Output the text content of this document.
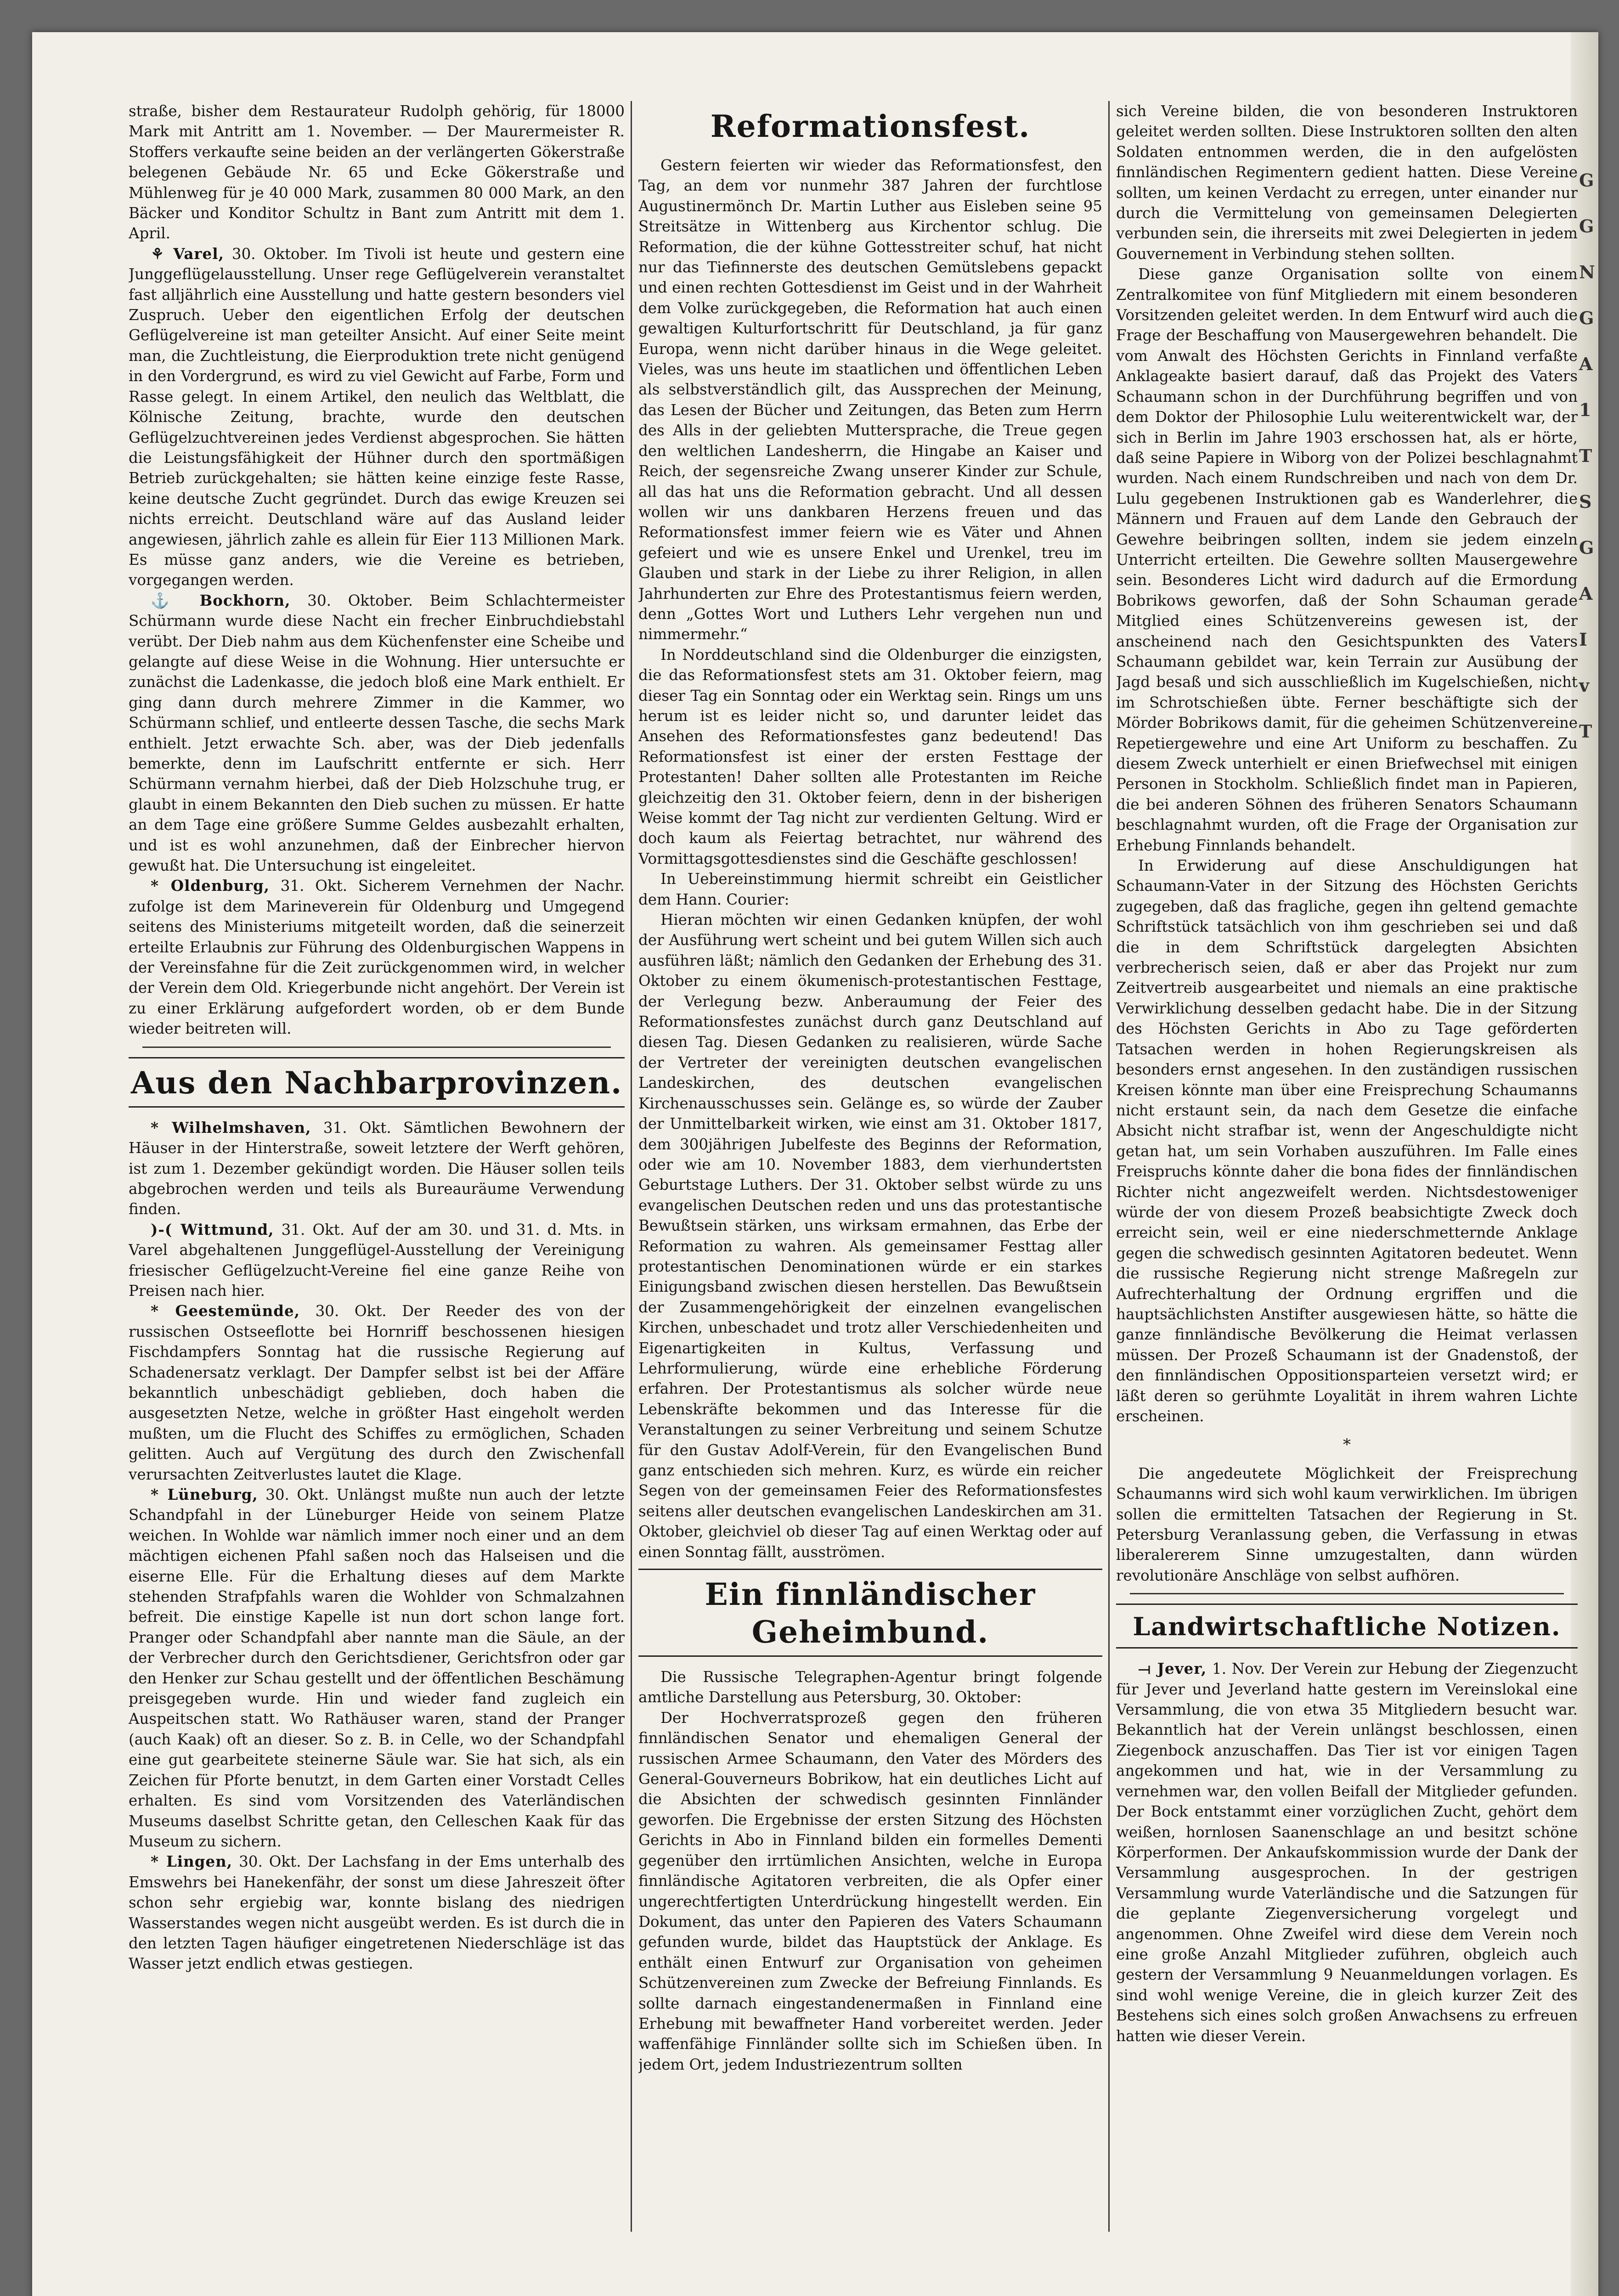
G
G
N
G
A
1
T
S
G
A
I
v
T

straße, bisher dem Restaurateur Rudolph gehörig, für 18000 Mark mit Antritt am 1. November. — Der Maurermeister R. Stoffers verkaufte seine beiden an der verlängerten Gökerstraße belegenen Gebäude Nr. 65 und Ecke Gökerstraße und Mühlenweg für je 40 000 Mark, zusammen 80 000 Mark, an den Bäcker und Konditor Schultz in Bant zum Antritt mit dem 1. April.

⚘ Varel, 30. Oktober. Im Tivoli ist heute und gestern eine Junggeflügelausstellung. Unser rege Geflügelverein veranstaltet fast alljährlich eine Ausstellung und hatte gestern besonders viel Zuspruch. Ueber den eigentlichen Erfolg der deutschen Geflügelvereine ist man geteilter Ansicht. Auf einer Seite meint man, die Zuchtleistung, die Eierproduktion trete nicht genügend in den Vordergrund, es wird zu viel Gewicht auf Farbe, Form und Rasse gelegt. In einem Artikel, den neulich das Weltblatt, die Kölnische Zeitung, brachte, wurde den deutschen Geflügelzuchtvereinen jedes Verdienst abgesprochen. Sie hätten die Leistungsfähigkeit der Hühner durch den sportmäßigen Betrieb zurückgehalten; sie hätten keine einzige feste Rasse, keine deutsche Zucht gegründet. Durch das ewige Kreuzen sei nichts erreicht. Deutschland wäre auf das Ausland leider angewiesen, jährlich zahle es allein für Eier 113 Millionen Mark. Es müsse ganz anders, wie die Vereine es betrieben, vorgegangen werden.

⚓ Bockhorn, 30. Oktober. Beim Schlachtermeister Schürmann wurde diese Nacht ein frecher Einbruchdiebstahl verübt. Der Dieb nahm aus dem Küchenfenster eine Scheibe und gelangte auf diese Weise in die Wohnung. Hier untersuchte er zunächst die Ladenkasse, die jedoch bloß eine Mark enthielt. Er ging dann durch mehrere Zimmer in die Kammer, wo Schürmann schlief, und entleerte dessen Tasche, die sechs Mark enthielt. Jetzt erwachte Sch. aber, was der Dieb jedenfalls bemerkte, denn im Laufschritt entfernte er sich. Herr Schürmann vernahm hierbei, daß der Dieb Holzschuhe trug, er glaubt in einem Bekannten den Dieb suchen zu müssen. Er hatte an dem Tage eine größere Summe Geldes ausbezahlt erhalten, und ist es wohl anzunehmen, daß der Einbrecher hiervon gewußt hat. Die Untersuchung ist eingeleitet.

* Oldenburg, 31. Okt. Sicherem Vernehmen der Nachr. zufolge ist dem Marineverein für Oldenburg und Umgegend seitens des Ministeriums mitgeteilt worden, daß die seinerzeit erteilte Erlaubnis zur Führung des Oldenburgischen Wappens in der Vereinsfahne für die Zeit zurückgenommen wird, in welcher der Verein dem Old. Kriegerbunde nicht angehört. Der Verein ist zu einer Erklärung aufgefordert worden, ob er dem Bunde wieder beitreten will.

Aus den Nachbarprovinzen.

* Wilhelmshaven, 31. Okt. Sämtlichen Bewohnern der Häuser in der Hinterstraße, soweit letztere der Werft gehören, ist zum 1. Dezember gekündigt worden. Die Häuser sollen teils abgebrochen werden und teils als Bureauräume Verwendung finden.

)-( Wittmund, 31. Okt. Auf der am 30. und 31. d. Mts. in Varel abgehaltenen Junggeflügel-Ausstellung der Vereinigung friesischer Geflügelzucht-Vereine fiel eine ganze Reihe von Preisen nach hier.

* Geestemünde, 30. Okt. Der Reeder des von der russischen Ostseeflotte bei Hornriff beschossenen hiesigen Fischdampfers Sonntag hat die russische Regierung auf Schadenersatz verklagt. Der Dampfer selbst ist bei der Affäre bekanntlich unbeschädigt geblieben, doch haben die ausgesetzten Netze, welche in größter Hast eingeholt werden mußten, um die Flucht des Schiffes zu ermöglichen, Schaden gelitten. Auch auf Vergütung des durch den Zwischenfall verursachten Zeitverlustes lautet die Klage.

* Lüneburg, 30. Okt. Unlängst mußte nun auch der letzte Schandpfahl in der Lüneburger Heide von seinem Platze weichen. In Wohlde war nämlich immer noch einer und an dem mächtigen eichenen Pfahl saßen noch das Halseisen und die eiserne Elle. Für die Erhaltung dieses auf dem Markte stehenden Strafpfahls waren die Wohlder von Schmalzahnen befreit. Die einstige Kapelle ist nun dort schon lange fort. Pranger oder Schandpfahl aber nannte man die Säule, an der der Verbrecher durch den Gerichtsdiener, Gerichtsfron oder gar den Henker zur Schau gestellt und der öffentlichen Beschämung preisgegeben wurde. Hin und wieder fand zugleich ein Auspeitschen statt. Wo Rathäuser waren, stand der Pranger (auch Kaak) oft an dieser. So z. B. in Celle, wo der Schandpfahl eine gut gearbeitete steinerne Säule war. Sie hat sich, als ein Zeichen für Pforte benutzt, in dem Garten einer Vorstadt Celles erhalten. Es sind vom Vorsitzenden des Vaterländischen Museums daselbst Schritte getan, den Celleschen Kaak für das Museum zu sichern.

* Lingen, 30. Okt. Der Lachsfang in der Ems unterhalb des Emswehrs bei Hanekenfähr, der sonst um diese Jahreszeit öfter schon sehr ergiebig war, konnte bislang des niedrigen Wasserstandes wegen nicht ausgeübt werden. Es ist durch die in den letzten Tagen häufiger eingetretenen Niederschläge ist das Wasser jetzt endlich etwas gestiegen.

Reformationsfest.

Gestern feierten wir wieder das Reformationsfest, den Tag, an dem vor nunmehr 387 Jahren der furchtlose Augustinermönch Dr. Martin Luther aus Eisleben seine 95 Streitsätze in Wittenberg aus Kirchentor schlug. Die Reformation, die der kühne Gottesstreiter schuf, hat nicht nur das Tiefinnerste des deutschen Gemütslebens gepackt und einen rechten Gottesdienst im Geist und in der Wahrheit dem Volke zurückgegeben, die Reformation hat auch einen gewaltigen Kulturfortschritt für Deutschland, ja für ganz Europa, wenn nicht darüber hinaus in die Wege geleitet. Vieles, was uns heute im staatlichen und öffentlichen Leben als selbstverständlich gilt, das Aussprechen der Meinung, das Lesen der Bücher und Zeitungen, das Beten zum Herrn des Alls in der geliebten Muttersprache, die Treue gegen den weltlichen Landesherrn, die Hingabe an Kaiser und Reich, der segensreiche Zwang unserer Kinder zur Schule, all das hat uns die Reformation gebracht. Und all dessen wollen wir uns dankbaren Herzens freuen und das Reformationsfest immer feiern wie es Väter und Ahnen gefeiert und wie es unsere Enkel und Urenkel, treu im Glauben und stark in der Liebe zu ihrer Religion, in allen Jahrhunderten zur Ehre des Protestantismus feiern werden, denn „Gottes Wort und Luthers Lehr vergehen nun und nimmermehr.“

In Norddeutschland sind die Oldenburger die einzigsten, die das Reformationsfest stets am 31. Oktober feiern, mag dieser Tag ein Sonntag oder ein Werktag sein. Rings um uns herum ist es leider nicht so, und darunter leidet das Ansehen des Reformationsfestes ganz bedeutend! Das Reformationsfest ist einer der ersten Festtage der Protestanten! Daher sollten alle Protestanten im Reiche gleichzeitig den 31. Oktober feiern, denn in der bisherigen Weise kommt der Tag nicht zur verdienten Geltung. Wird er doch kaum als Feiertag betrachtet, nur während des Vormittagsgottesdienstes sind die Geschäfte geschlossen!

In Uebereinstimmung hiermit schreibt ein Geistlicher dem Hann. Courier:

Hieran möchten wir einen Gedanken knüpfen, der wohl der Ausführung wert scheint und bei gutem Willen sich auch ausführen läßt; nämlich den Gedanken der Erhebung des 31. Oktober zu einem ökumenisch-protestantischen Festtage, der Verlegung bezw. Anberaumung der Feier des Reformationsfestes zunächst durch ganz Deutschland auf diesen Tag. Diesen Gedanken zu realisieren, würde Sache der Vertreter der vereinigten deutschen evangelischen Landeskirchen, des deutschen evangelischen Kirchenausschusses sein. Gelänge es, so würde der Zauber der Unmittelbarkeit wirken, wie einst am 31. Oktober 1817, dem 300jährigen Jubelfeste des Beginns der Reformation, oder wie am 10. November 1883, dem vierhundertsten Geburtstage Luthers. Der 31. Oktober selbst würde zu uns evangelischen Deutschen reden und uns das protestantische Bewußtsein stärken, uns wirksam ermahnen, das Erbe der Reformation zu wahren. Als gemeinsamer Festtag aller protestantischen Denominationen würde er ein starkes Einigungsband zwischen diesen herstellen. Das Bewußtsein der Zusammengehörigkeit der einzelnen evangelischen Kirchen, unbeschadet und trotz aller Verschiedenheiten und Eigenartigkeiten in Kultus, Verfassung und Lehrformulierung, würde eine erhebliche Förderung erfahren. Der Protestantismus als solcher würde neue Lebenskräfte bekommen und das Interesse für die Veranstaltungen zu seiner Verbreitung und seinem Schutze für den Gustav Adolf-Verein, für den Evangelischen Bund ganz entschieden sich mehren. Kurz, es würde ein reicher Segen von der gemeinsamen Feier des Reformationsfestes seitens aller deutschen evangelischen Landeskirchen am 31. Oktober, gleichviel ob dieser Tag auf einen Werktag oder auf einen Sonntag fällt, ausströmen.

Ein finnländischer Geheimbund.

Die Russische Telegraphen-Agentur bringt folgende amtliche Darstellung aus Petersburg, 30. Oktober:

Der Hochverratsprozeß gegen den früheren finnländischen Senator und ehemaligen General der russischen Armee Schaumann, den Vater des Mörders des General-Gouverneurs Bobrikow, hat ein deutliches Licht auf die Absichten der schwedisch gesinnten Finnländer geworfen. Die Ergebnisse der ersten Sitzung des Höchsten Gerichts in Abo in Finnland bilden ein formelles Dementi gegenüber den irrtümlichen Ansichten, welche in Europa finnländische Agitatoren verbreiten, die als Opfer einer ungerechtfertigten Unterdrückung hingestellt werden. Ein Dokument, das unter den Papieren des Vaters Schaumann gefunden wurde, bildet das Hauptstück der Anklage. Es enthält einen Entwurf zur Organisation von geheimen Schützenvereinen zum Zwecke der Befreiung Finnlands. Es sollte darnach eingestandenermaßen in Finnland eine Erhebung mit bewaffneter Hand vorbereitet werden. Jeder waffenfähige Finnländer sollte sich im Schießen üben. In jedem Ort, jedem Industriezentrum sollten

sich Vereine bilden, die von besonderen Instruktoren geleitet werden sollten. Diese Instruktoren sollten den alten Soldaten entnommen werden, die in den aufgelösten finnländischen Regimentern gedient hatten. Diese Vereine sollten, um keinen Verdacht zu erregen, unter einander nur durch die Vermittelung von gemeinsamen Delegierten verbunden sein, die ihrerseits mit zwei Delegierten in jedem Gouvernement in Verbindung stehen sollten.

Diese ganze Organisation sollte von einem Zentralkomitee von fünf Mitgliedern mit einem besonderen Vorsitzenden geleitet werden. In dem Entwurf wird auch die Frage der Beschaffung von Mausergewehren behandelt. Die vom Anwalt des Höchsten Gerichts in Finnland verfaßte Anklageakte basiert darauf, daß das Projekt des Vaters Schaumann schon in der Durchführung begriffen und von dem Doktor der Philosophie Lulu weiterentwickelt war, der sich in Berlin im Jahre 1903 erschossen hat, als er hörte, daß seine Papiere in Wiborg von der Polizei beschlagnahmt wurden. Nach einem Rundschreiben und nach von dem Dr. Lulu gegebenen Instruktionen gab es Wanderlehrer, die Männern und Frauen auf dem Lande den Gebrauch der Gewehre beibringen sollten, indem sie jedem einzeln Unterricht erteilten. Die Gewehre sollten Mausergewehre sein. Besonderes Licht wird dadurch auf die Ermordung Bobrikows geworfen, daß der Sohn Schauman gerade Mitglied eines Schützenvereins gewesen ist, der anscheinend nach den Gesichtspunkten des Vaters Schaumann gebildet war, kein Terrain zur Ausübung der Jagd besaß und sich ausschließlich im Kugelschießen, nicht im Schrotschießen übte. Ferner beschäftigte sich der Mörder Bobrikows damit, für die geheimen Schützenvereine Repetiergewehre und eine Art Uniform zu beschaffen. Zu diesem Zweck unterhielt er einen Briefwechsel mit einigen Personen in Stockholm. Schließlich findet man in Papieren, die bei anderen Söhnen des früheren Senators Schaumann beschlagnahmt wurden, oft die Frage der Organisation zur Erhebung Finnlands behandelt.

In Erwiderung auf diese Anschuldigungen hat Schaumann-Vater in der Sitzung des Höchsten Gerichts zugegeben, daß das fragliche, gegen ihn geltend gemachte Schriftstück tatsächlich von ihm geschrieben sei und daß die in dem Schriftstück dargelegten Absichten verbrecherisch seien, daß er aber das Projekt nur zum Zeitvertreib ausgearbeitet und niemals an eine praktische Verwirklichung desselben gedacht habe. Die in der Sitzung des Höchsten Gerichts in Abo zu Tage geförderten Tatsachen werden in hohen Regierungskreisen als besonders ernst angesehen. In den zuständigen russischen Kreisen könnte man über eine Freisprechung Schaumanns nicht erstaunt sein, da nach dem Gesetze die einfache Absicht nicht strafbar ist, wenn der Angeschuldigte nicht getan hat, um sein Vorhaben auszuführen. Im Falle eines Freispruchs könnte daher die bona fides der finnländischen Richter nicht angezweifelt werden. Nichtsdestoweniger würde der von diesem Prozeß beabsichtigte Zweck doch erreicht sein, weil er eine niederschmetternde Anklage gegen die schwedisch gesinnten Agitatoren bedeutet. Wenn die russische Regierung nicht strenge Maßregeln zur Aufrechterhaltung der Ordnung ergriffen und die hauptsächlichsten Anstifter ausgewiesen hätte, so hätte die ganze finnländische Bevölkerung die Heimat verlassen müssen. Der Prozeß Schaumann ist der Gnadenstoß, der den finnländischen Oppositionsparteien versetzt wird; er läßt deren so gerühmte Loyalität in ihrem wahren Lichte erscheinen.

*

Die angedeutete Möglichkeit der Freisprechung Schaumanns wird sich wohl kaum verwirklichen. Im übrigen sollen die ermittelten Tatsachen der Regierung in St. Petersburg Veranlassung geben, die Verfassung in etwas liberalererem Sinne umzugestalten, dann würden revolutionäre Anschläge von selbst aufhören.

Landwirtschaftliche Notizen.

⟞ Jever, 1. Nov. Der Verein zur Hebung der Ziegenzucht für Jever und Jeverland hatte gestern im Vereinslokal eine Versammlung, die von etwa 35 Mitgliedern besucht war. Bekanntlich hat der Verein unlängst beschlossen, einen Ziegenbock anzuschaffen. Das Tier ist vor einigen Tagen angekommen und hat, wie in der Versammlung zu vernehmen war, den vollen Beifall der Mitglieder gefunden. Der Bock entstammt einer vorzüglichen Zucht, gehört dem weißen, hornlosen Saanenschlage an und besitzt schöne Körperformen. Der Ankaufskommission wurde der Dank der Versammlung ausgesprochen. In der gestrigen Versammlung wurde Vaterländische und die Satzungen für die geplante Ziegenversicherung vorgelegt und angenommen. Ohne Zweifel wird diese dem Verein noch eine große Anzahl Mitglieder zuführen, obgleich auch gestern der Versammlung 9 Neuanmeldungen vorlagen. Es sind wohl wenige Vereine, die in gleich kurzer Zeit des Bestehens sich eines solch großen Anwachsens zu erfreuen hatten wie dieser Verein.
